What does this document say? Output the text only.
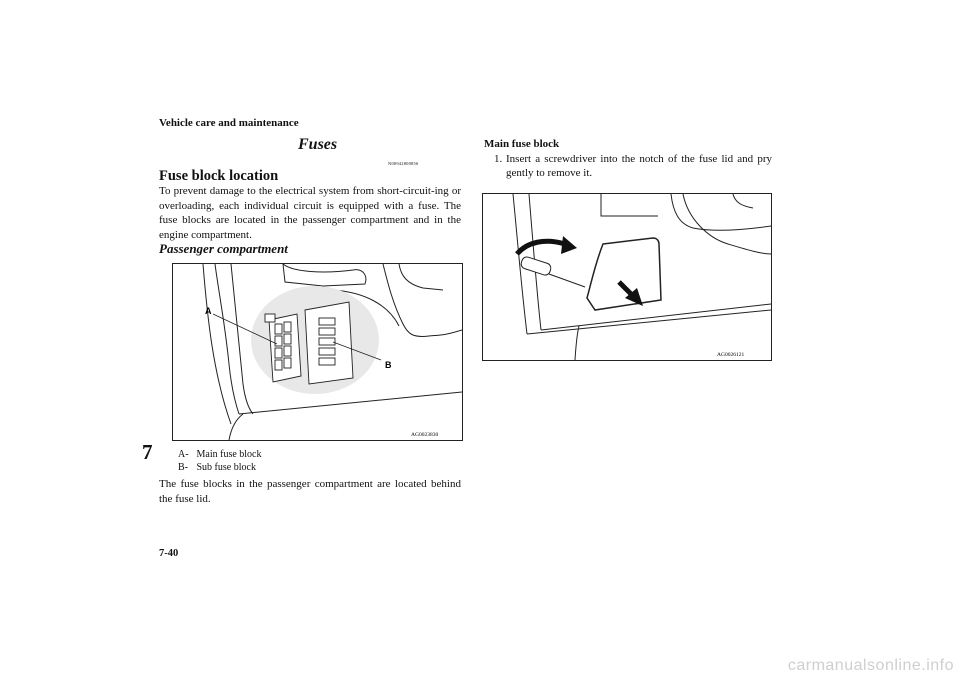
Vehicle care and maintenance
7
7-40
Fuses
N00942800856
Fuse block location
To prevent damage to the electrical system from short-circuit-ing or overloading, each individual circuit is equipped with a fuse. The fuse blocks are located in the passenger compartment and in the engine compartment.
Passenger compartment
A
B
AG0023830
A- Main fuse block
B- Sub fuse block
The fuse blocks in the passenger compartment are located behind the fuse lid.
Main fuse block
1. Insert a screwdriver into the notch of the fuse lid and pry gently to remove it.
AG0026121
carmanualsonline.info
